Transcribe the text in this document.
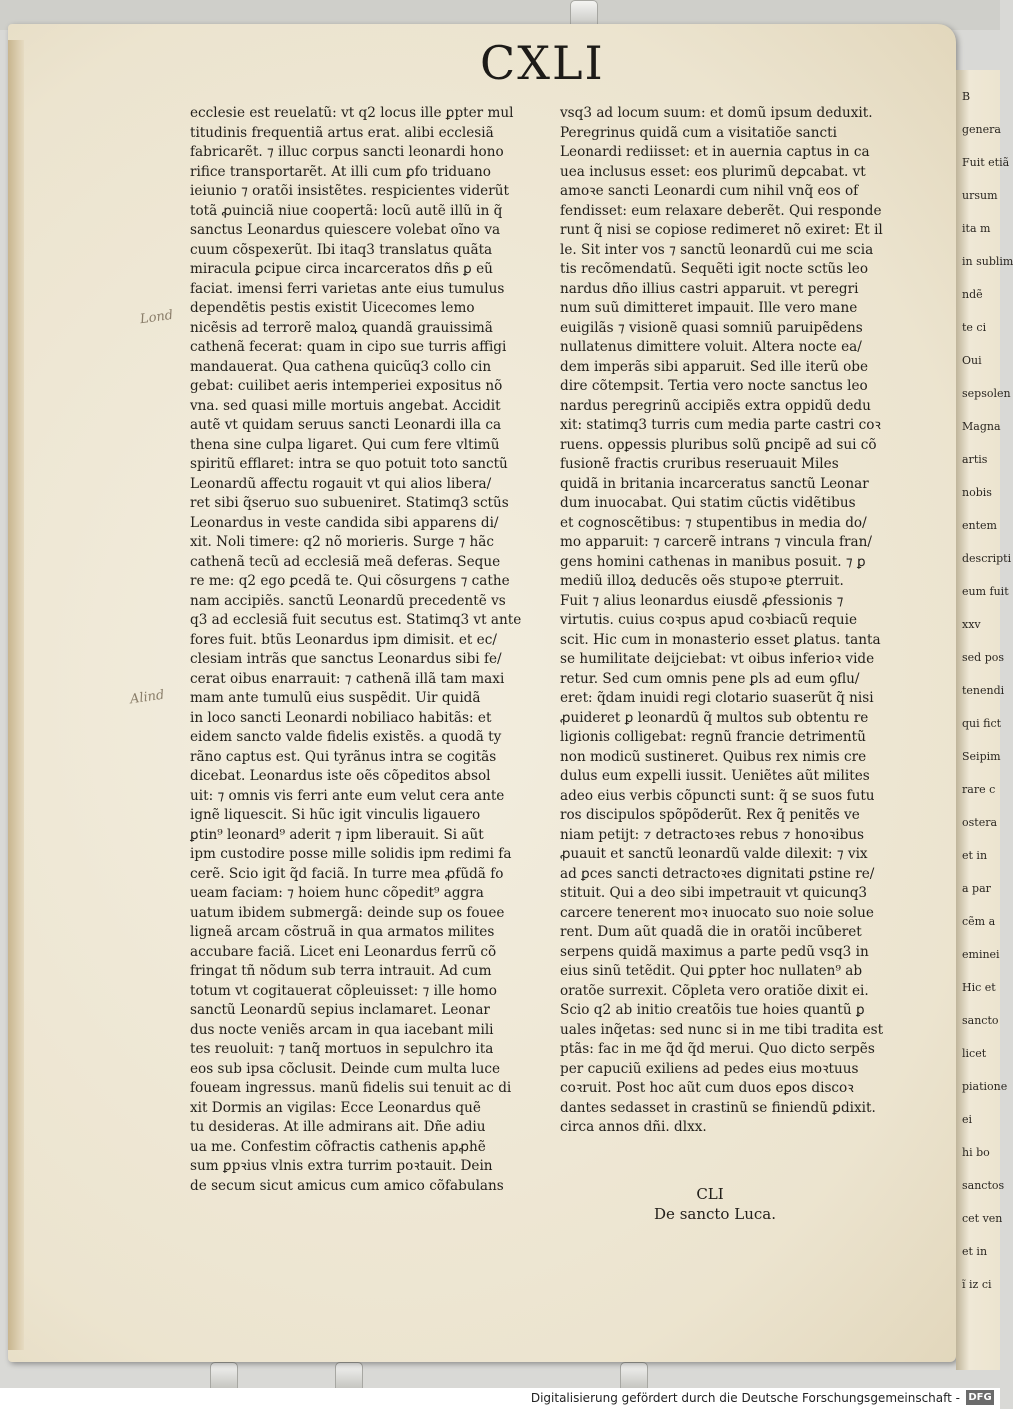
CXLI
ecclesie est reuelatũ: vt q2 locus ille ꝑpter mul
titudinis frequentiã artus erat. alibi ecclesiã
fabricarẽt. ⁊ illuc corpus sancti leonardi hono
rifice transportarẽt. At illi cum ꝑfo triduano
ieiunio ⁊ oratõi insistẽtes. respicientes viderũt
totã ꝓuinciã niue coopertã: locũ autẽ illũ in q̃
sanctus Leonardus quiescere volebat oĩno va
cuum cõspexerũt. Ibi itaq3 translatus quãta
miracula ꝑcipue circa incarceratos dñs ꝑ eũ
faciat. imensi ferri varietas ante eius tumulus
dependẽtis pestis existit Uicecomes lemo
nicẽsis ad terrorẽ maloꝝ quandã grauissimã
cathenã fecerat: quam in cipo sue turris affigi
mandauerat. Qua cathena quicũq3 collo cin
gebat: cuilibet aeris intemperiei expositus nõ
vna. sed quasi mille mortuis angebat. Accidit
autẽ vt quidam seruus sancti Leonardi illa ca
thena sine culpa ligaret. Qui cum fere vltimũ
spiritũ efflaret: intra se quo potuit toto sanctũ
Leonardũ affectu rogauit vt qui alios libera/
ret sibi q̃seruo suo subueniret. Statimq3 sctũs
Leonardus in veste candida sibi apparens di/
xit. Noli timere: q2 nõ morieris. Surge ⁊ hãc
cathenã tecũ ad ecclesiã meã deferas. Seque
re me: q2 ego ꝑcedã te. Qui cõsurgens ⁊ cathe
nam accipiẽs. sanctũ Leonardũ precedentẽ vs
q3 ad ecclesiã fuit secutus est. Statimq3 vt ante
fores fuit. btũs Leonardus ipm dimisit. et ec/
clesiam intrãs que sanctus Leonardus sibi fe/
cerat oibus enarrauit: ⁊ cathenã illã tam maxi
mam ante tumulũ eius suspẽdit. Uir quidã
in loco sancti Leonardi nobiliaco habitãs: et
eidem sancto valde fidelis existẽs. a quodã ty
rãno captus est. Qui tyrãnus intra se cogitãs
dicebat. Leonardus iste oẽs cõpeditos absol
uit: ⁊ omnis vis ferri ante eum velut cera ante
ignẽ liquescit. Si hũc igit vinculis ligauero
ꝑtin⁹ leonard⁹ aderit ⁊ ipm liberauit. Si aũt
ipm custodire posse mille solidis ipm redimi fa
cerẽ. Scio igit q̃d faciã. In turre mea ꝓfũdã fo
ueam faciam: ⁊ hoiem hunc cõpedit⁹ aggra
uatum ibidem submergã: deinde sup os fouee
ligneã arcam cõstruã in qua armatos milites
accubare faciã. Licet eni Leonardus ferrũ cõ
fringat tñ nõdum sub terra intrauit. Ad cum
totum vt cogitauerat cõpleuisset: ⁊ ille homo
sanctũ Leonardũ sepius inclamaret. Leonar
dus nocte veniẽs arcam in qua iacebant mili
tes reuoluit: ⁊ tanq̃ mortuos in sepulchro ita
eos sub ipsa cõclusit. Deinde cum multa luce
foueam ingressus. manũ fidelis sui tenuit ac di
xit Dormis an vigilas: Ecce Leonardus quẽ
tu desideras. At ille admirans ait. Dñe adiu
ua me. Confestim cõfractis cathenis apꝓhẽ
sum ꝑpꝛius vlnis extra turrim poꝛtauit. Dein
de secum sicut amicus cum amico cõfabulans
vsq3 ad locum suum: et domũ ipsum deduxit.
Peregrinus quidã cum a visitatiõe sancti
Leonardi rediisset: et in auernia captus in ca
uea inclusus esset: eos plurimũ deꝑcabat. vt
amoꝛe sancti Leonardi cum nihil vnq̃ eos of
fendisset: eum relaxare deberẽt. Qui responde
runt q̃ nisi se copiose redimeret nõ exiret: Et il
le. Sit inter vos ⁊ sanctũ leonardũ cui me scia
tis recõmendatũ. Sequẽti igit nocte sctũs leo
nardus dño illius castri apparuit. vt peregri
num suũ dimitteret impauit. Ille vero mane
euigilãs ⁊ visionẽ quasi somniũ paruipẽdens
nullatenus dimittere voluit. Altera nocte ea/
dem imperãs sibi apparuit. Sed ille iterũ obe
dire cõtempsit. Tertia vero nocte sanctus leo
nardus peregrinũ accipiẽs extra oppidũ dedu
xit: statimq3 turris cum media parte castri coꝛ
ruens. opꝑessis pluribus solũ ꝑncipẽ ad sui cõ
fusionẽ fractis cruribus reseruauit Miles
quidã in britania incarceratus sanctũ Leonar
dum inuocabat. Qui statim cũctis vidẽtibus
et cognoscẽtibus: ⁊ stupentibus in media do/
mo apparuit: ⁊ carcerẽ intrans ⁊ vincula fran/
gens homini cathenas in manibus posuit. ⁊ ꝑ
mediũ illoꝝ deducẽs oẽs stupoꝛe ꝑterruit.
Fuit ⁊ alius leonardus eiusdẽ ꝓfessionis ⁊
virtutis. cuius coꝛpus apud coꝛbiacũ requie
scit. Hic cum in monasterio esset ꝑlatus. tanta
se humilitate deijciebat: vt oibus inferioꝛ vide
retur. Sed cum omnis pene ꝑls ad eum ꝯflu/
eret: q̃dam inuidi regi clotario suaserũt q̃ nisi
ꝓuideret ꝑ leonardũ q̃ multos sub obtentu re
ligionis colligebat: regnũ francie detrimentũ
non modicũ sustineret. Quibus rex nimis cre
dulus eum expelli iussit. Ueniẽtes aũt milites
adeo eius verbis cõpuncti sunt: q̃ se suos futu
ros discipulos spõpõderũt. Rex q̃ penitẽs ve
niam petijt: ⁊ detractoꝛes rebus ⁊ honoꝛibus
ꝓuauit et sanctũ leonardũ valde dilexit: ⁊ vix
ad ꝑces sancti detractoꝛes dignitati ꝑstine re/
stituit. Qui a deo sibi impetrauit vt quicunq3
carcere tenerent moꝛ inuocato suo noie solue
rent. Dum aũt quadã die in oratõi incũberet
serpens quidã maximus a parte pedũ vsq3 in
eius sinũ tetẽdit. Qui ꝑpter hoc nullaten⁹ ab
oratõe surrexit. Cõpleta vero oratiõe dixit ei.
Scio q2 ab initio creatõis tue hoies quantũ ꝑ
uales inq̃etas: sed nunc si in me tibi tradita est
ptãs: fac in me q̃d q̃d merui. Quo dicto serpẽs
per capuciũ exiliens ad pedes eius moꝛtuus
coꝛruit. Post hoc aũt cum duos eꝑos discoꝛ
dantes sedasset in crastinũ se finiendũ ꝑdixit.
circa annos dñi. dlxx.
CLI
De sancto Luca.
Lond
Alind
B
genera
Fuit etiã
ursum
ita m
in sublim
ndẽ
te ci
Oui
sepsolen
Magna
artis
nobis
entem
descripti
eum fuit
xxv
sed pos
tenendi
qui fict
Seipim
rare c
ostera
et in
a par
cẽm a
eminei
Hic et
sancto
licet
piatione
ei
hi bo
sanctos
cet ven
et in
ĩ iz ci
Digitalisierung gefördert durch die Deutsche Forschungsgemeinschaft - DFG
